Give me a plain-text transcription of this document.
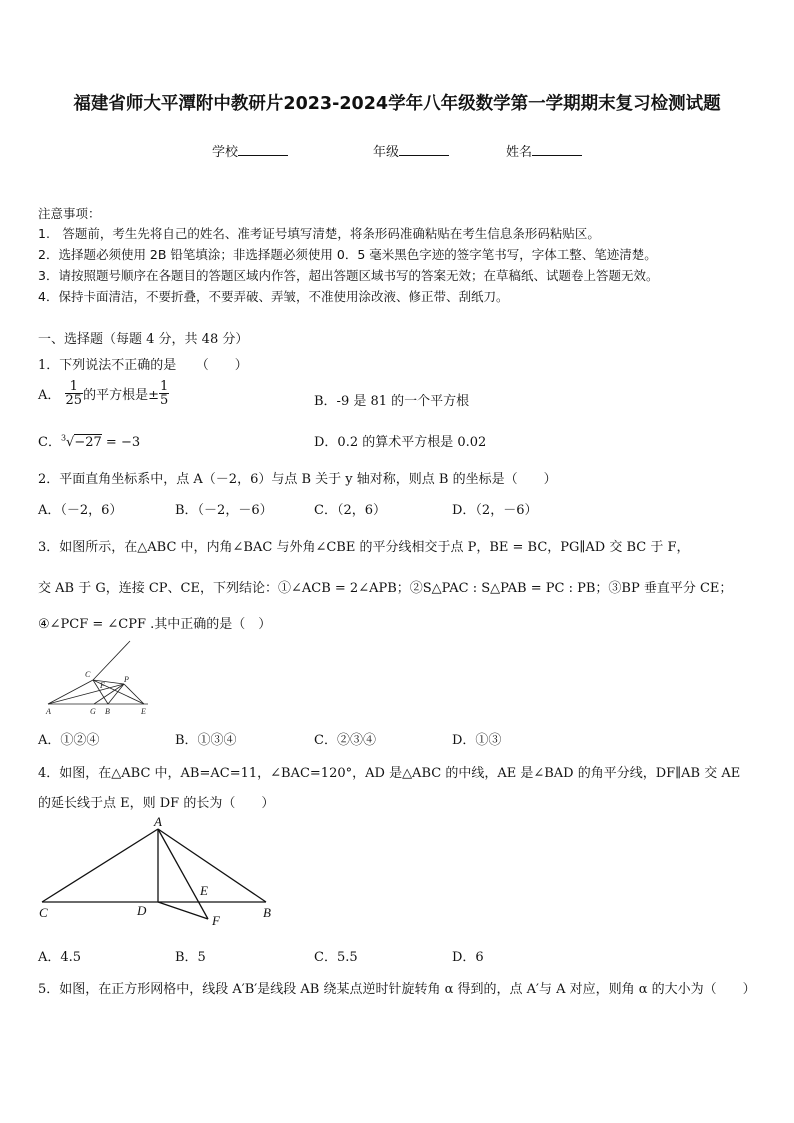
福建省师大平潭附中教研片2023-2024学年八年级数学第一学期期末复习检测试题
学校	年级	姓名
注意事项：
1.　答题前，考生先将自己的姓名、准考证号填写清楚，将条形码准确粘贴在考生信息条形码粘贴区。
2．选择题必须使用 2B 铅笔填涂；非选择题必须使用 0．5 毫米黑色字迹的签字笔书写，字体工整、笔迹清楚。
3．请按照题号顺序在各题目的答题区域内作答，超出答题区域书写的答案无效；在草稿纸、试题卷上答题无效。
4．保持卡面清洁，不要折叠，不要弄破、弄皱，不准使用涂改液、修正带、刮纸刀。
一、选择题（每题 4 分，共 48 分）
1．下列说法不正确的是　　（　　）
A． $\frac{1}{25}$ 的平方根是± $\frac{1}{5}$	B．-9 是 81 的一个平方根
C．$^3$√−27 = −3	D．0.2 的算术平方根是 0.02
2．平面直角坐标系中，点 A（－2，6）与点 B 关于 y 轴对称，则点 B 的坐标是（　　）
A．（－2，6）	B．（－2，－6）	C．（2，6）	D．（2，－6）
3．如图所示，在△ABC 中，内角∠BAC 与外角∠CBE 的平分线相交于点 P，BE = BC，PG∥AD 交 BC 于 F，
交 AB 于 G，连接 CP、CE，下列结论：①∠ACB = 2∠APB；②S△PAC : S△PAB = PC : PB；③BP 垂直平分 CE；
④∠PCF = ∠CPF .其中正确的是（　）
C
F
P
A	G B	E
A．①②④	B．①③④	C．②③④	D．①③
4．如图，在△ABC 中，AB=AC=11，∠BAC=120°，AD 是△ABC 的中线，AE 是∠BAD 的角平分线，DF∥AB 交 AE
的延长线于点 E，则 DF 的长为（　　）
A
E
C	D
F
B
A．4.5	B．5	C．5.5	D．6
5．如图，在正方形网格中，线段 A′B′是线段 AB 绕某点逆时针旋转角 α 得到的，点 A′与 A 对应，则角 α 的大小为（　　）
